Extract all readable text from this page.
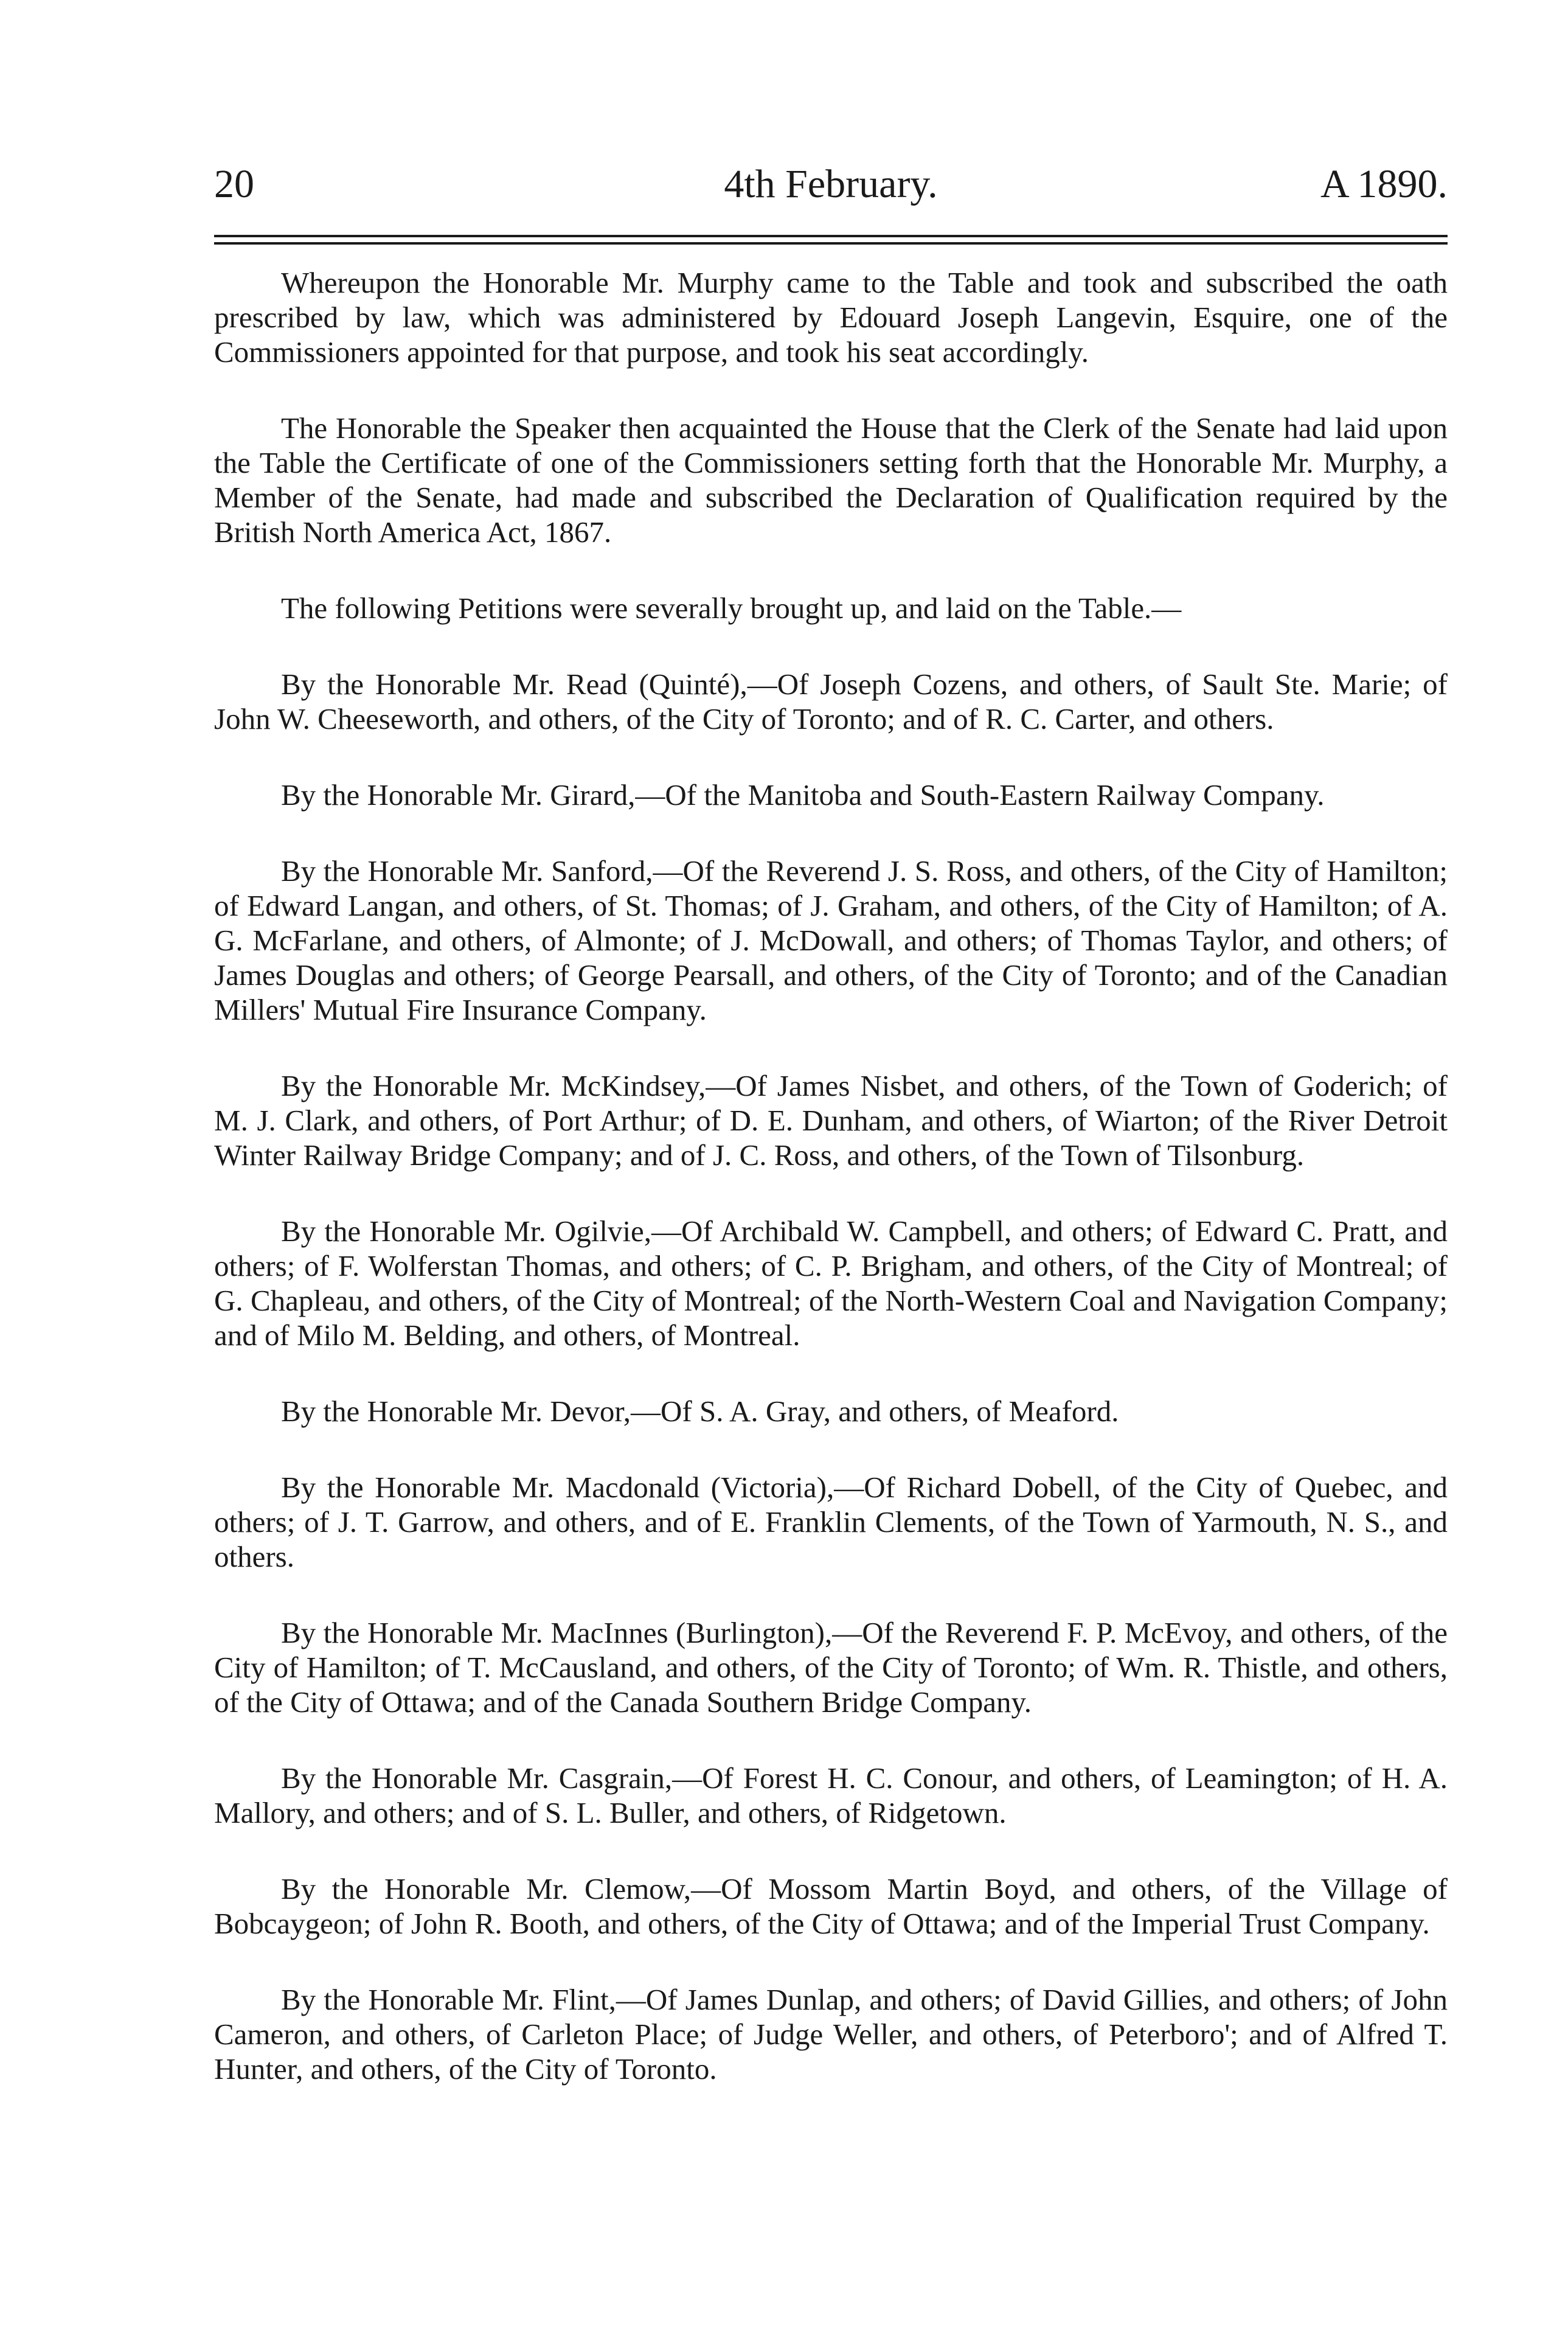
20	4th February.	A 1890.

Whereupon the Honorable Mr. Murphy came to the Table and took and subscribed the oath prescribed by law, which was administered by Edouard Joseph Langevin, Esquire, one of the Commissioners appointed for that purpose, and took his seat accordingly.

The Honorable the Speaker then acquainted the House that the Clerk of the Senate had laid upon the Table the Certificate of one of the Commissioners setting forth that the Honorable Mr. Murphy, a Member of the Senate, had made and subscribed the Declaration of Qualification required by the British North America Act, 1867.

The following Petitions were severally brought up, and laid on the Table.—

By the Honorable Mr. Read (Quinté),—Of Joseph Cozens, and others, of Sault Ste. Marie; of John W. Cheeseworth, and others, of the City of Toronto; and of R. C. Carter, and others.

By the Honorable Mr. Girard,—Of the Manitoba and South-Eastern Railway Company.

By the Honorable Mr. Sanford,—Of the Reverend J. S. Ross, and others, of the City of Hamilton; of Edward Langan, and others, of St. Thomas; of J. Graham, and others, of the City of Hamilton; of A. G. McFarlane, and others, of Almonte; of J. McDowall, and others; of Thomas Taylor, and others; of James Douglas and others; of George Pearsall, and others, of the City of Toronto; and of the Canadian Millers' Mutual Fire Insurance Company.

By the Honorable Mr. McKindsey,—Of James Nisbet, and others, of the Town of Goderich; of M. J. Clark, and others, of Port Arthur; of D. E. Dunham, and others, of Wiarton; of the River Detroit Winter Railway Bridge Company; and of J. C. Ross, and others, of the Town of Tilsonburg.

By the Honorable Mr. Ogilvie,—Of Archibald W. Campbell, and others; of Edward C. Pratt, and others; of F. Wolferstan Thomas, and others; of C. P. Brigham, and others, of the City of Montreal; of G. Chapleau, and others, of the City of Montreal; of the North-Western Coal and Navigation Company; and of Milo M. Belding, and others, of Montreal.

By the Honorable Mr. Devor,—Of S. A. Gray, and others, of Meaford.

By the Honorable Mr. Macdonald (Victoria),—Of Richard Dobell, of the City of Quebec, and others; of J. T. Garrow, and others, and of E. Franklin Clements, of the Town of Yarmouth, N. S., and others.

By the Honorable Mr. MacInnes (Burlington),—Of the Reverend F. P. McEvoy, and others, of the City of Hamilton; of T. McCausland, and others, of the City of Toronto; of Wm. R. Thistle, and others, of the City of Ottawa; and of the Canada Southern Bridge Company.

By the Honorable Mr. Casgrain,—Of Forest H. C. Conour, and others, of Leamington; of H. A. Mallory, and others; and of S. L. Buller, and others, of Ridgetown.

By the Honorable Mr. Clemow,—Of Mossom Martin Boyd, and others, of the Village of Bobcaygeon; of John R. Booth, and others, of the City of Ottawa; and of the Imperial Trust Company.

By the Honorable Mr. Flint,—Of James Dunlap, and others; of David Gillies, and others; of John Cameron, and others, of Carleton Place; of Judge Weller, and others, of Peterboro'; and of Alfred T. Hunter, and others, of the City of Toronto.
